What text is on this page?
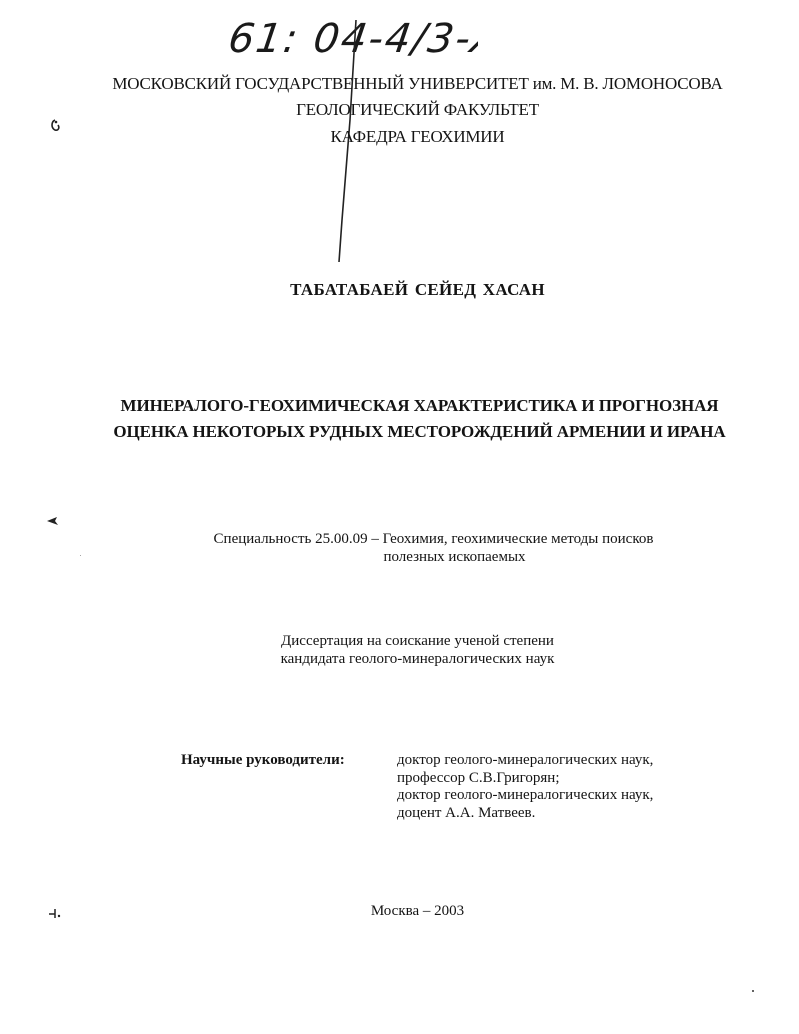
61: 04-4/3-X
МОСКОВСКИЙ ГОСУДАРСТВЕННЫЙ УНИВЕРСИТЕТ им. М. В. ЛОМОНОСОВА
ГЕОЛОГИЧЕСКИЙ ФАКУЛЬТЕТ
КАФЕДРА ГЕОХИМИИ
ТАБАТАБАЕЙ СЕЙЕД ХАСАН
МИНЕРАЛОГО-ГЕОХИМИЧЕСКАЯ ХАРАКТЕРИСТИКА И ПРОГНОЗНАЯ
ОЦЕНКА НЕКОТОРЫХ РУДНЫХ МЕСТОРОЖДЕНИЙ АРМЕНИИ И ИРАНА
Специальность 25.00.09 – Геохимия, геохимические методы поисков
полезных ископаемых
Диссертация на соискание ученой степени
кандидата геолого-минералогических наук
Научные руководители:	доктор геолого-минералогических наук,
профессор С.В.Григорян;
доктор геолого-минералогических наук,
доцент А.А. Матвеев.
Москва – 2003
